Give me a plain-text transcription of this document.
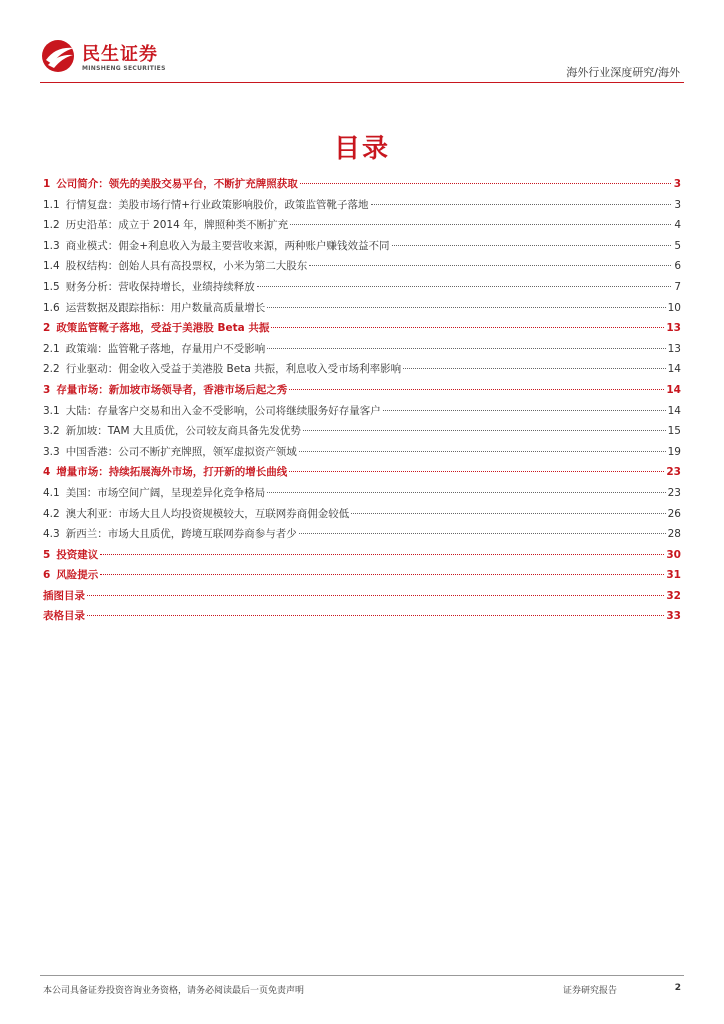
民生证券
MINSHENG SECURITIES	海外行业深度研究/海外
目录
1 公司简介：领先的美股交易平台，不断扩充牌照获取	3
1.1 行情复盘：美股市场行情+行业政策影响股价，政策监管靴子落地	3
1.2 历史沿革：成立于 2014 年，牌照种类不断扩充	4
1.3 商业模式：佣金+利息收入为最主要营收来源，两种账户赚钱效益不同	5
1.4 股权结构：创始人具有高投票权，小米为第二大股东	6
1.5 财务分析：营收保持增长，业绩持续释放	7
1.6 运营数据及跟踪指标：用户数量高质量增长	10
2 政策监管靴子落地，受益于美港股 Beta 共振	13
2.1 政策端：监管靴子落地，存量用户不受影响	13
2.2 行业驱动：佣金收入受益于美港股 Beta 共振，利息收入受市场利率影响	14
3 存量市场：新加坡市场领导者，香港市场后起之秀	14
3.1 大陆：存量客户交易和出入金不受影响，公司将继续服务好存量客户	14
3.2 新加坡：TAM 大且质优，公司较友商具备先发优势	15
3.3 中国香港：公司不断扩充牌照，领军虚拟资产领域	19
4 增量市场：持续拓展海外市场，打开新的增长曲线	23
4.1 美国：市场空间广阔，呈现差异化竞争格局	23
4.2 澳大利亚：市场大且人均投资规模较大，互联网券商佣金较低	26
4.3 新西兰：市场大且质优，跨境互联网券商参与者少	28
5 投资建议	30
6 风险提示	31
插图目录	32
表格目录	33
本公司具备证券投资咨询业务资格，请务必阅读最后一页免责声明	证券研究报告	2
